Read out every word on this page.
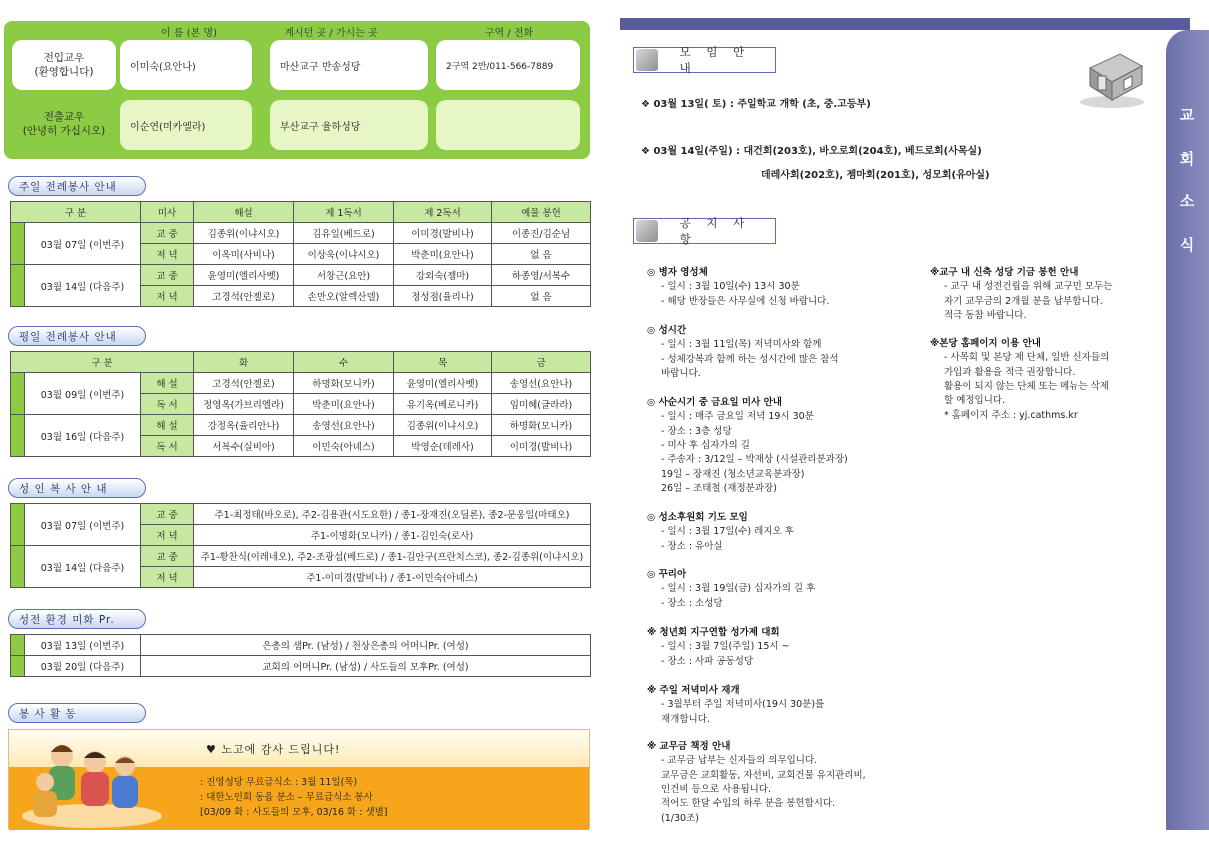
이 름 (본 명)	계시던 곳 / 가시는 곳	구역 / 전화
전입교우
(환영합니다)	이미숙(요안나)	마산교구 반송성당	2구역 2반/011-566-7889
전출교우
(안녕히 가십시오)	이순연(미카엘라)	부산교구 율하성당
주일 전례봉사 안내
구 분		미사	해설	제 1독서	제 2독서	예물 봉헌
	03월 07일 (이번주)	교 중	김종위(이냐시오)	김유일(베드로)	이미경(발비나)	이종진/김순님
		저 녁	이옥미(사비나)	이상욱(이냐시오)	박춘미(요안나)	없 음
	03월 14일 (다음주)	교 중	윤영미(엘리사벳)	서창근(요안)	강외숙(젬마)	하종영/서복수
		저 녁	고경석(안젤로)	손만오(알렉산델)	정성점(율리나)	없 음
평일 전례봉사 안내
구 분			화	수	목	금
	03월 09일 (이번주)	해 설	고경석(안젤로)	하명화(모니카)	윤영미(엘리사벳)	송영선(요안나)
		독 서	정영옥(가브리엘라)	박춘미(요안나)	유기옥(베로니카)	임미혜(글라라)
	03월 16일 (다음주)	해 설	강정옥(율리안나)	송영선(요안나)	김종위(이냐시오)	하명화(모니카)
		독 서	서복수(실비아)	이민숙(아녜스)	박영순(데레사)	이미경(발비나)
성 인 복 사 안 내
	03월 07일 (이번주)	교 중	주1-최정태(바오로), 주2-김용관(시도요한) / 종1-장재진(오딜론), 종2-문웅일(마태오)
		저 녁	주1-이명화(모니카) / 종1-김인숙(로사)
	03월 14일 (다음주)	교 중	주1-황찬식(이레네오), 주2-조광섭(베드로) / 종1-김안구(프란치스코), 종2-김종위(이냐시오)
		저 녁	주1-이미경(발비나) / 종1-이민숙(아녜스)
성전 환경 미화 Pr.
	03월 13일 (이번주)	은총의 샘Pr. (남성) / 천상은총의 어머니Pr. (여성)
	03월 20일 (다음주)	교회의 어머니Pr. (남성) / 사도들의 모후Pr. (여성)
봉 사 활 동
♥ 노고에 감사 드립니다!
: 진영성당 무료급식소 : 3월 11일(목)
: 대한노인회 동읍 분소 – 무료급식소 봉사
[03/09 화 : 사도들의 모후, 03/16 화 : 샛별]
교
회
소
식
모 임 안 내
❖ 03월 13일( 토) : 주일학교 개학 (초, 중.고등부)
❖ 03월 14일(주일) : 대건회(203호), 바오로회(204호), 베드로회(사목실)
데레사회(202호), 젬마회(201호), 성모회(유아실)
공 지 사 항
◎ 병자 영성체
- 일시 : 3월 10일(수) 13시 30분
- 해당 반장들은 사무실에 신청 바랍니다.
◎ 성시간
- 일시 : 3월 11일(목) 저녁미사와 함께
- 성체강복과 함께 하는 성시간에 많은 참석
바랍니다.
◎ 사순시기 중 금요일 미사 안내
- 일시 : 매주 금요일 저녁 19시 30분
- 장소 : 3층 성당
- 미사 후 십자가의 길
- 주송자 : 3/12일 – 박재상 (시설관리분과장)
19일 – 장재진 (청소년교육분과장)
26일 – 조태철 (재정분과장)
◎ 성소후원회 기도 모임
- 일시 : 3월 17일(수) 레지오 후
- 장소 : 유아실
◎ 꾸리아
- 일시 : 3월 19일(금) 십자가의 길 후
- 장소 : 소성당
※ 청년회 지구연합 성가제 대회
- 일시 : 3월 7일(주일) 15시 ~
- 장소 : 사파 공동성당
※ 주일 저녁미사 재개
- 3월부터 주일 저녁미사(19시 30분)를
재개합니다.
※ 교무금 책정 안내
- 교무금 납부는 신자들의 의무입니다.
교무금은 교회활동, 자선비, 교회건물 유지관리비,
인건비 등으로 사용됩니다.
적어도 한달 수입의 하루 분을 봉헌합시다.
(1/30조)
※교구 내 신축 성당 기금 봉헌 안내
- 교구 내 성전건립을 위해 교구민 모두는
자기 교무금의 2개월 분을 납부합니다.
적극 동참 바랍니다.
※본당 홈페이지 이용 안내
- 사목회 및 본당 제 단체, 일반 신자들의
가입과 활용을 적극 권장합니다.
활용이 되지 않는 단체 또는 메뉴는 삭제
할 예정입니다.
* 홈페이지 주소 : yj.cathms.kr
